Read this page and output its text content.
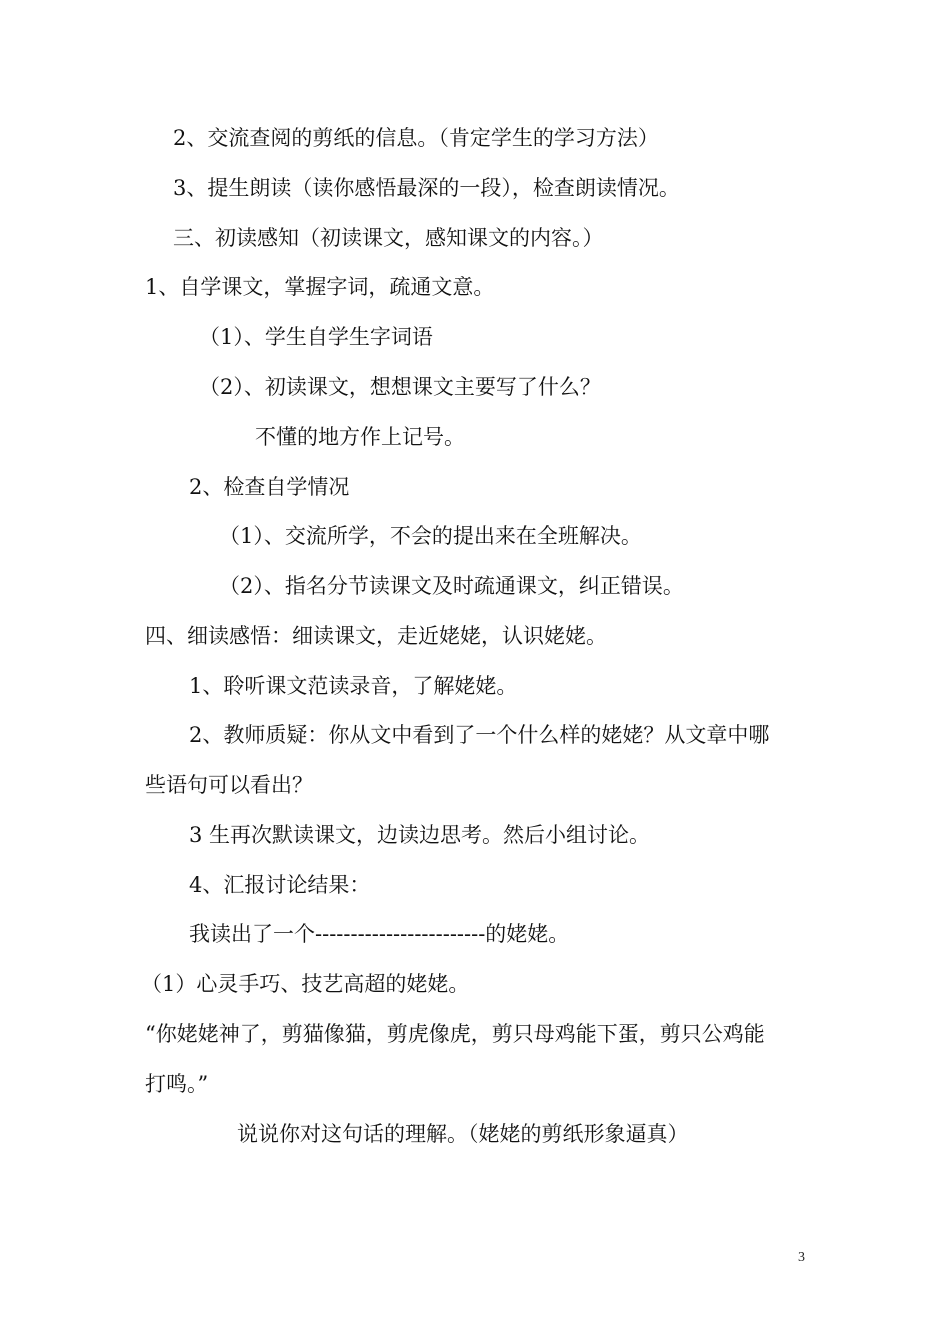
2、交流查阅的剪纸的信息。（肯定学生的学习方法）
3、提生朗读（读你感悟最深的一段），检查朗读情况。
三、初读感知（初读课文，感知课文的内容。）
1、自学课文，掌握字词，疏通文意。
（1）、学生自学生字词语
（2）、初读课文，想想课文主要写了什么？
不懂的地方作上记号。
2、检查自学情况
（1）、交流所学，不会的提出来在全班解决。
（2）、指名分节读课文及时疏通课文，纠正错误。
四、细读感悟：细读课文，走近姥姥，认识姥姥。
1、聆听课文范读录音，了解姥姥。
2、教师质疑：你从文中看到了一个什么样的姥姥？从文章中哪
些语句可以看出？
3 生再次默读课文，边读边思考。然后小组讨论。
4、汇报讨论结果：
我读出了一个------------------------的姥姥。
（1）心灵手巧、技艺高超的姥姥。
“你姥姥神了，剪猫像猫，剪虎像虎，剪只母鸡能下蛋，剪只公鸡能
打鸣。”
说说你对这句话的理解。（姥姥的剪纸形象逼真）
3
